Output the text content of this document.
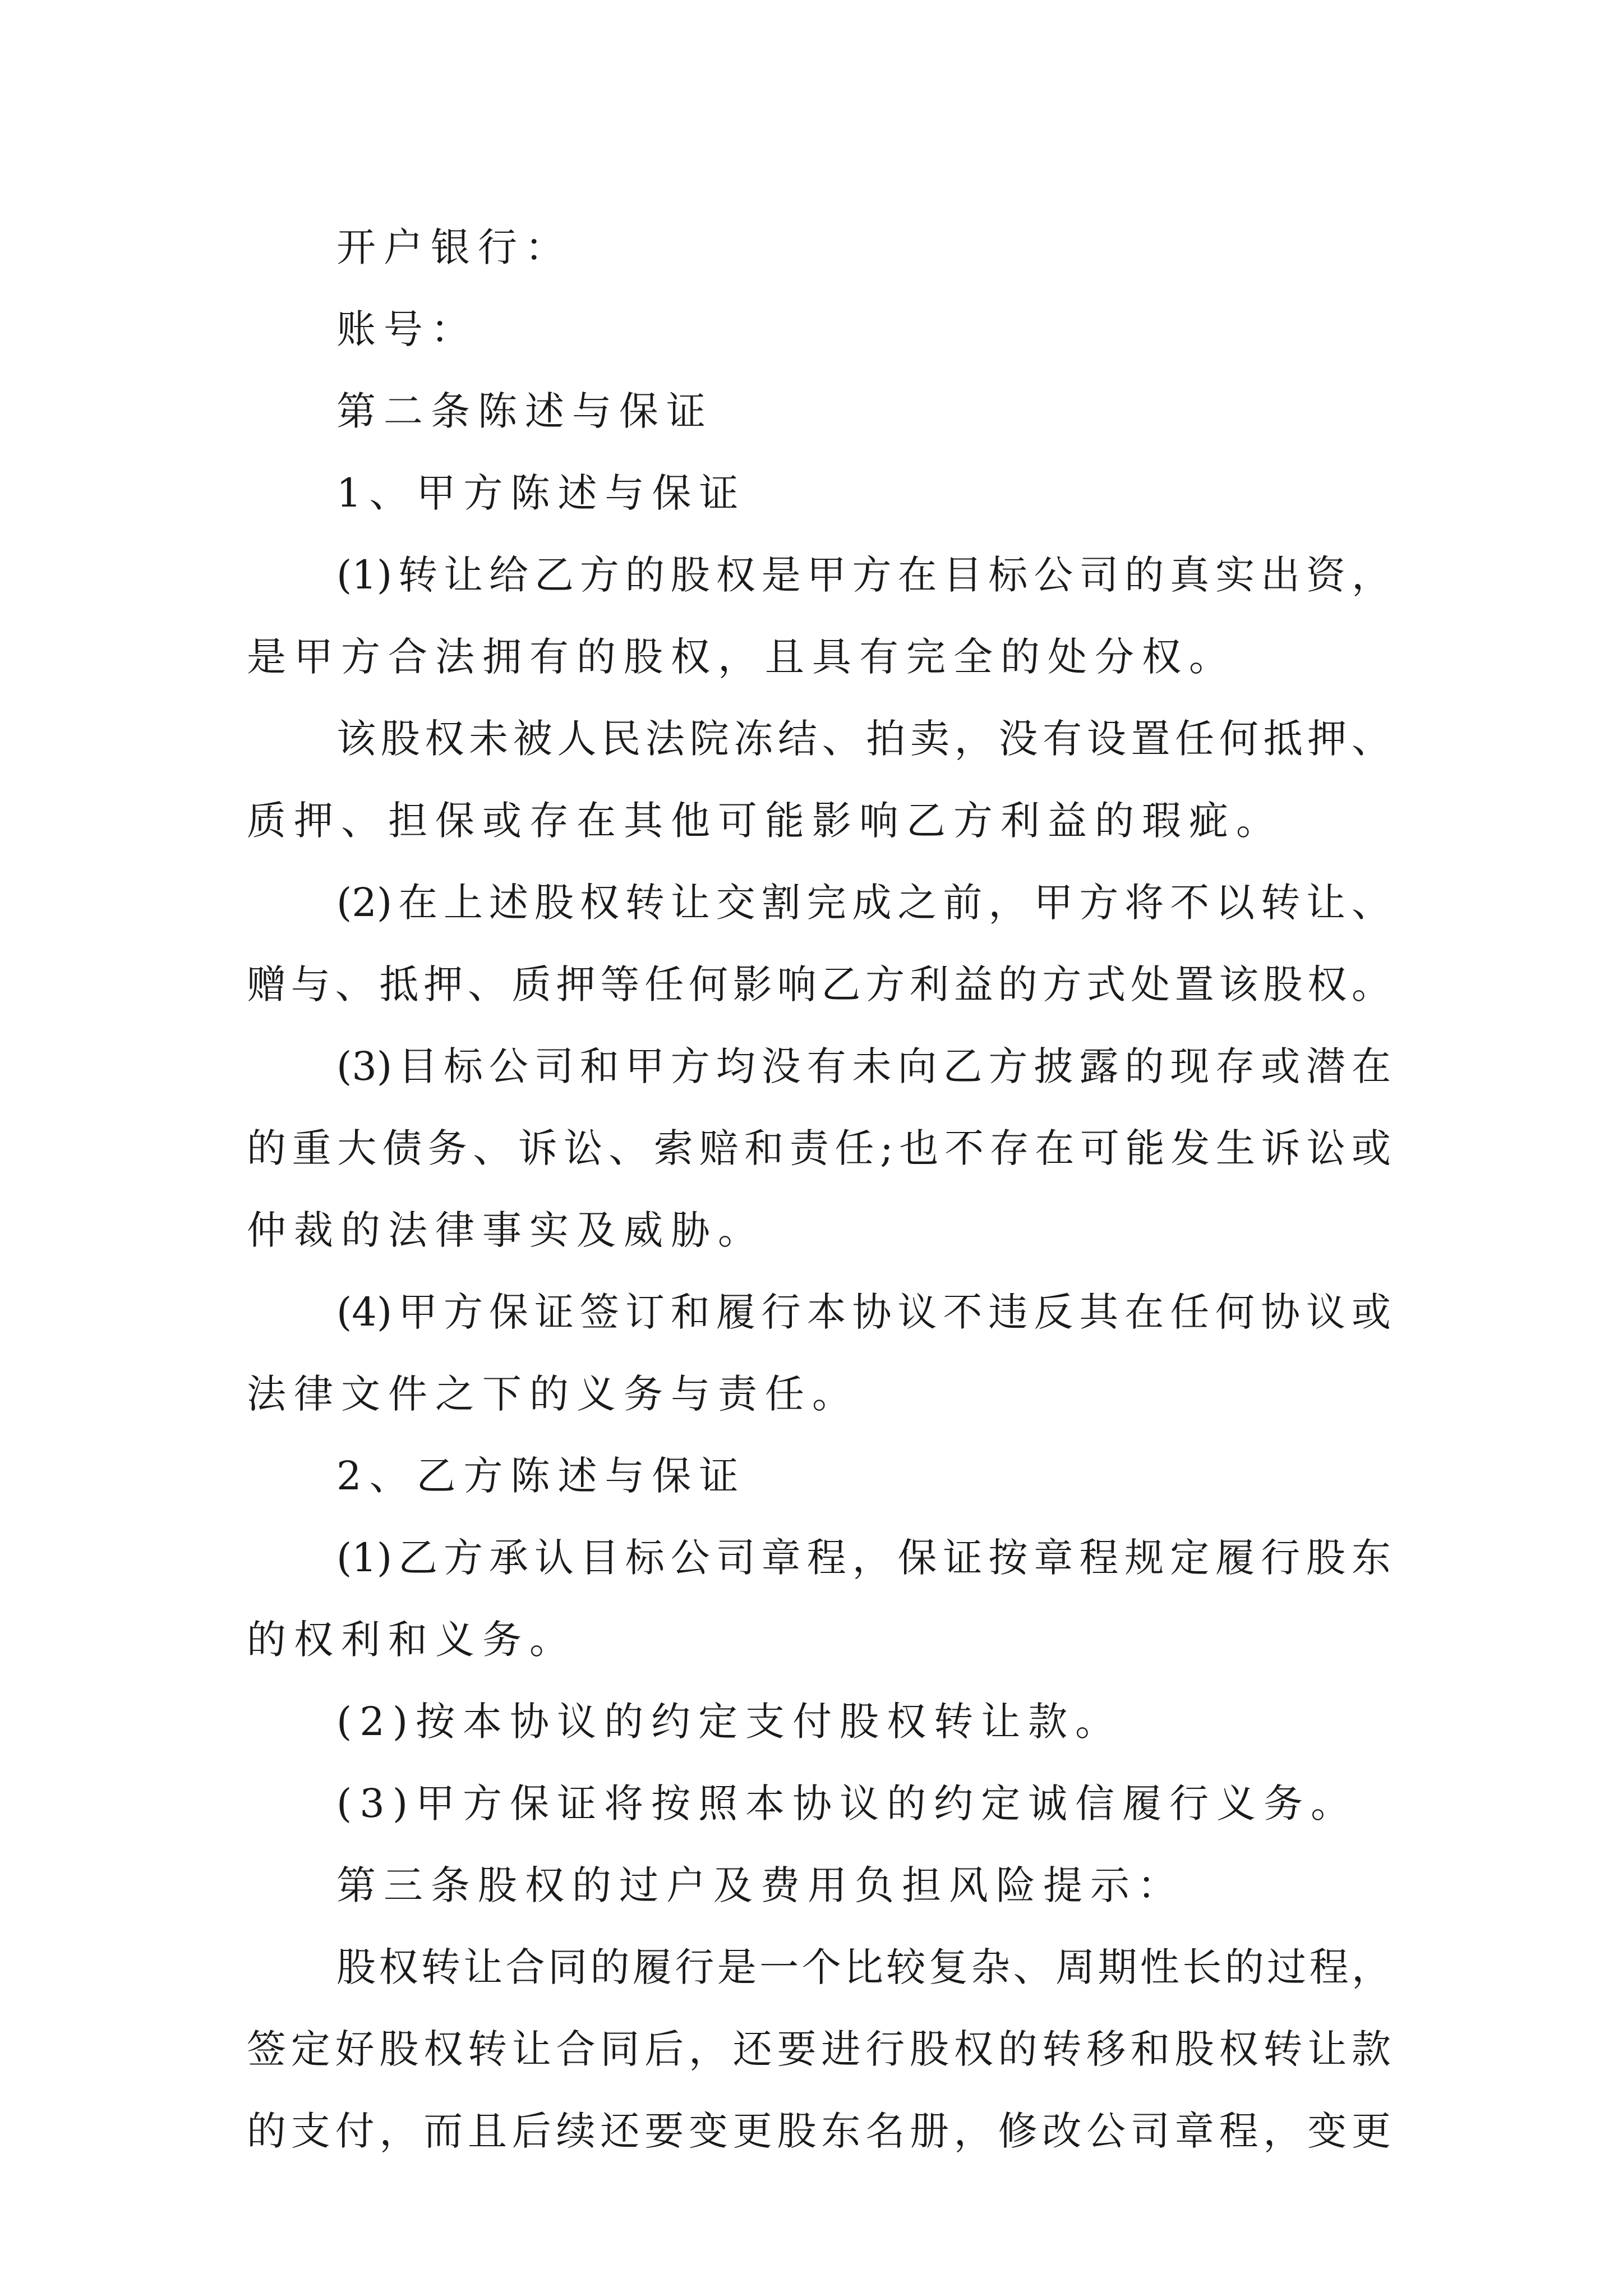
开户银行：
账号：
第二条陈述与保证
1、甲方陈述与保证
(1)转让给乙方的股权是甲方在目标公司的真实出资，
是甲方合法拥有的股权，且具有完全的处分权。
该股权未被人民法院冻结、拍卖，没有设置任何抵押、
质押、担保或存在其他可能影响乙方利益的瑕疵。
(2)在上述股权转让交割完成之前，甲方将不以转让、
赠与、抵押、质押等任何影响乙方利益的方式处置该股权。
(3)目标公司和甲方均没有未向乙方披露的现存或潜在
的重大债务、诉讼、索赔和责任;也不存在可能发生诉讼或
仲裁的法律事实及威胁。
(4)甲方保证签订和履行本协议不违反其在任何协议或
法律文件之下的义务与责任。
2、乙方陈述与保证
(1)乙方承认目标公司章程，保证按章程规定履行股东
的权利和义务。
(2)按本协议的约定支付股权转让款。
(3)甲方保证将按照本协议的约定诚信履行义务。
第三条股权的过户及费用负担风险提示：
股权转让合同的履行是一个比较复杂、周期性长的过程，
签定好股权转让合同后，还要进行股权的转移和股权转让款
的支付，而且后续还要变更股东名册，修改公司章程，变更
